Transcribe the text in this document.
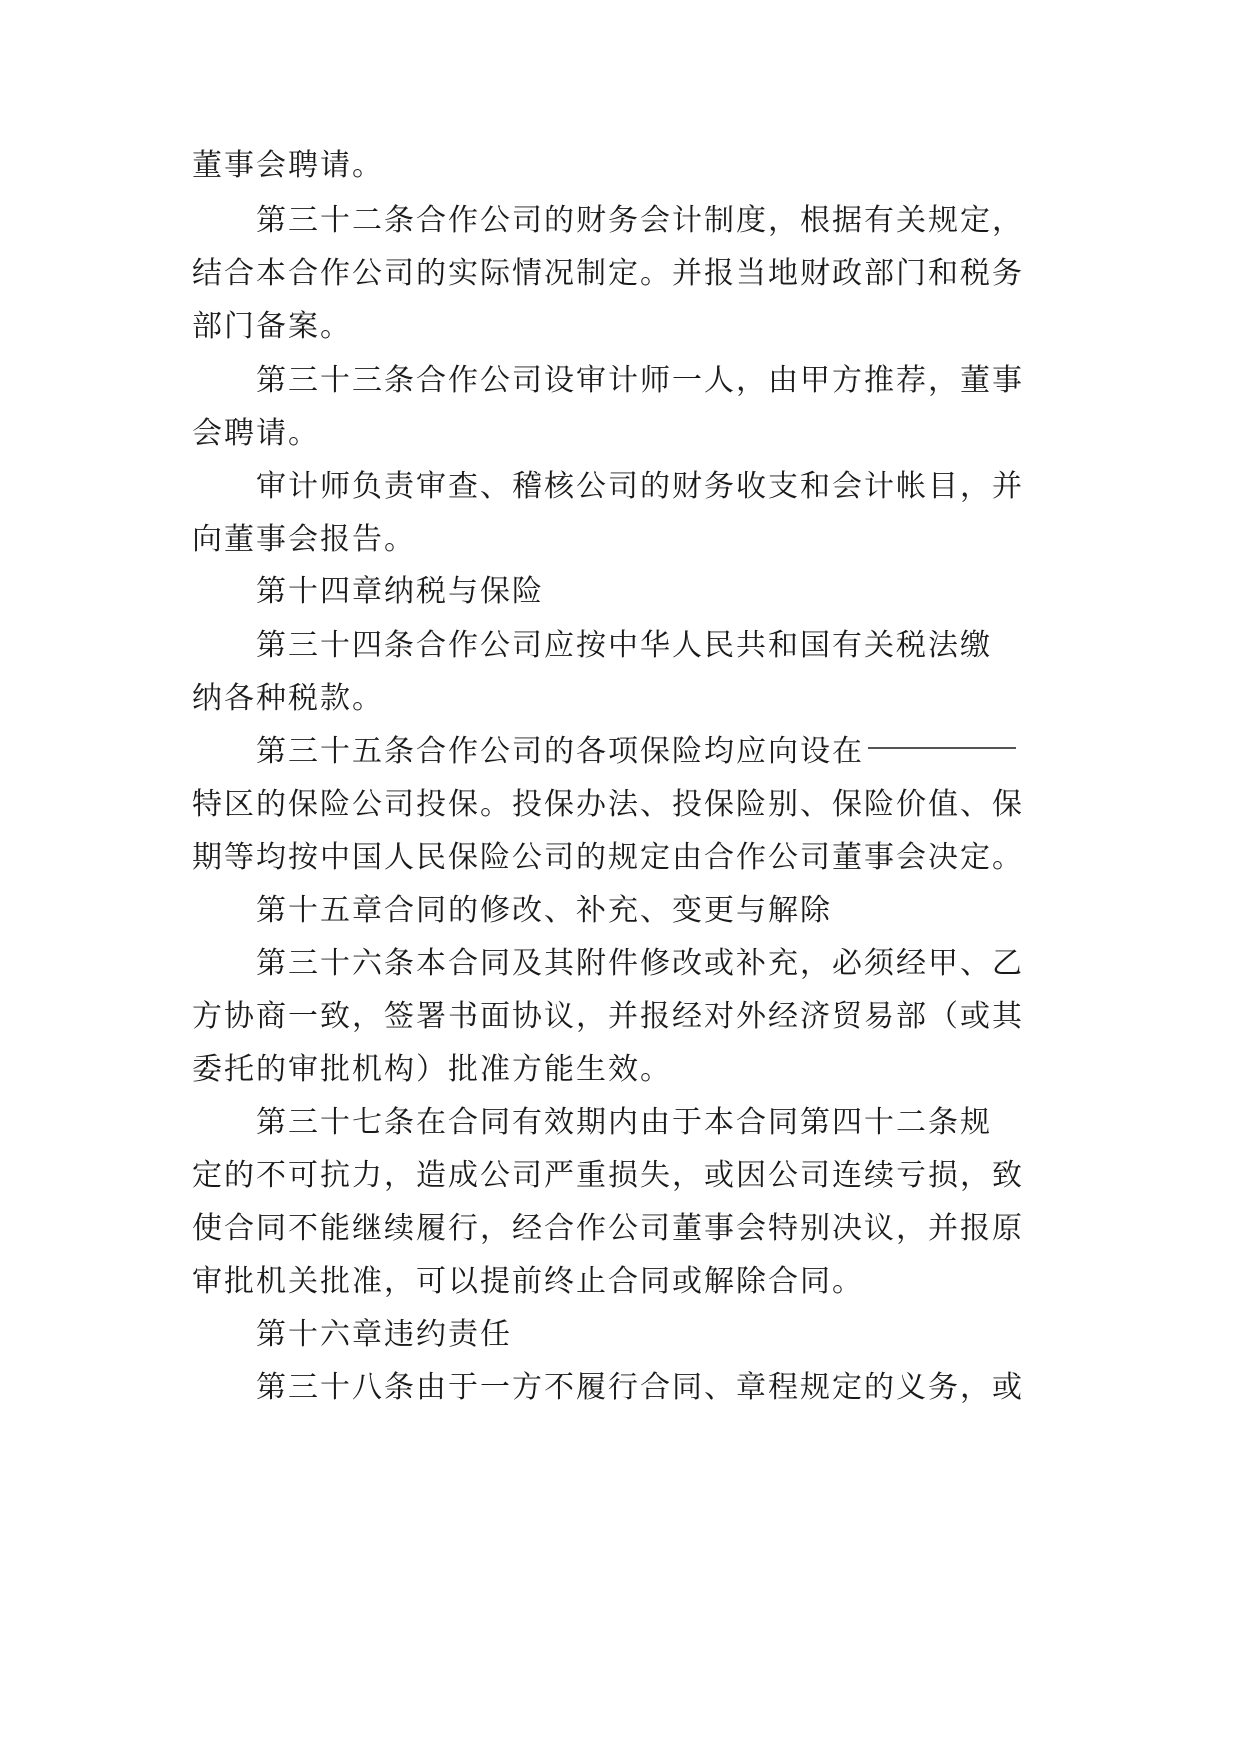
董事会聘请。
第三十二条合作公司的财务会计制度，根据有关规定，
结合本合作公司的实际情况制定。并报当地财政部门和税务
部门备案。
第三十三条合作公司设审计师一人，由甲方推荐，董事
会聘请。
审计师负责审查、稽核公司的财务收支和会计帐目，并
向董事会报告。
第十四章纳税与保险
第三十四条合作公司应按中华人民共和国有关税法缴
纳各种税款。
第三十五条合作公司的各项保险均应向设在
特区的保险公司投保。投保办法、投保险别、保险价值、保
期等均按中国人民保险公司的规定由合作公司董事会决定。
第十五章合同的修改、补充、变更与解除
第三十六条本合同及其附件修改或补充，必须经甲、乙
方协商一致，签署书面协议，并报经对外经济贸易部（或其
委托的审批机构）批准方能生效。
第三十七条在合同有效期内由于本合同第四十二条规
定的不可抗力，造成公司严重损失，或因公司连续亏损，致
使合同不能继续履行，经合作公司董事会特别决议，并报原
审批机关批准，可以提前终止合同或解除合同。
第十六章违约责任
第三十八条由于一方不履行合同、章程规定的义务，或
